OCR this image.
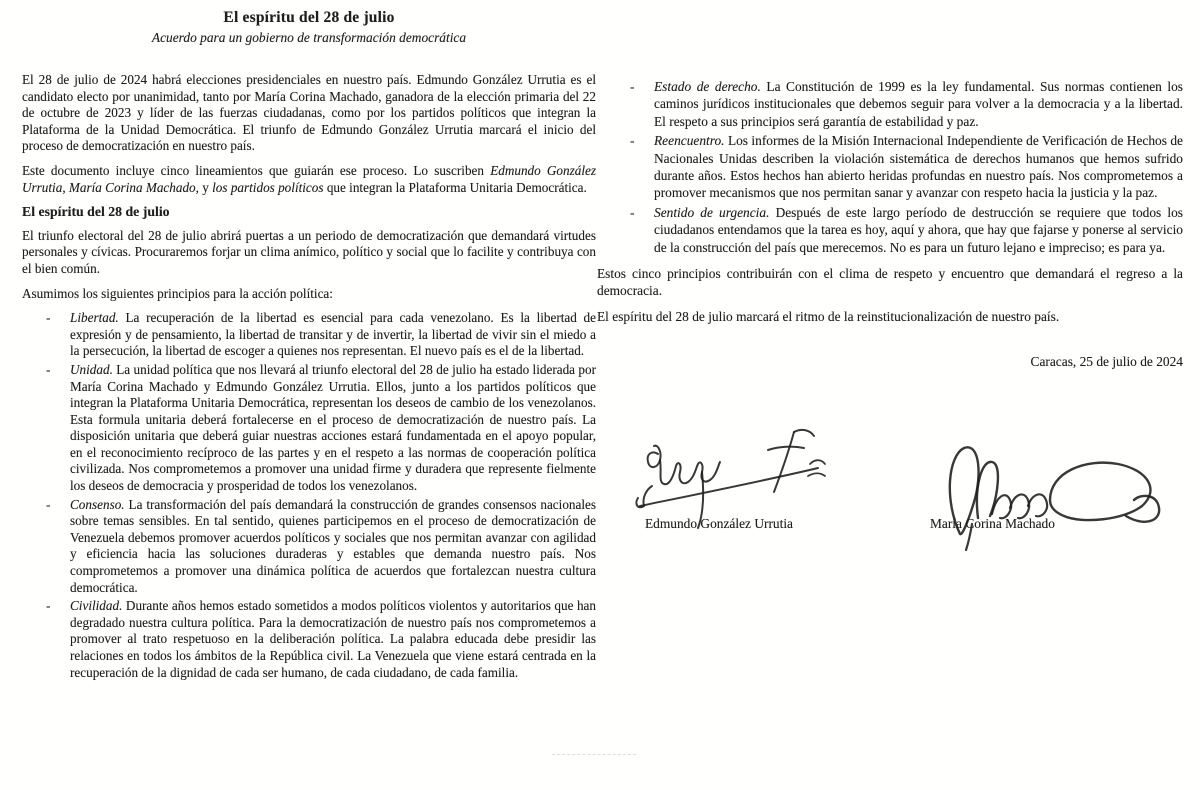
El espíritu del 28 de julio
Acuerdo para un gobierno de transformación democrática

El 28 de julio de 2024 habrá elecciones presidenciales en nuestro país. Edmundo González Urrutia es el candidato electo por unanimidad, tanto por María Corina Machado, ganadora de la elección primaria del 22 de octubre de 2023 y líder de las fuerzas ciudadanas, como por los partidos políticos que integran la Plataforma de la Unidad Democrática. El triunfo de Edmundo González Urrutia marcará el inicio del proceso de democratización en nuestro país.

Este documento incluye cinco lineamientos que guiarán ese proceso. Lo suscriben Edmundo González Urrutia, María Corina Machado, y los partidos políticos que integran la Plataforma Unitaria Democrática.

El espíritu del 28 de julio

El triunfo electoral del 28 de julio abrirá puertas a un periodo de democratización que demandará virtudes personales y cívicas. Procuraremos forjar un clima anímico, político y social que lo facilite y contribuya con el bien común.

Asumimos los siguientes principios para la acción política:

- Libertad. La recuperación de la libertad es esencial para cada venezolano. Es la libertad de expresión y de pensamiento, la libertad de transitar y de invertir, la libertad de vivir sin el miedo a la persecución, la libertad de escoger a quienes nos representan. El nuevo país es el de la libertad.
- Unidad. La unidad política que nos llevará al triunfo electoral del 28 de julio ha estado liderada por María Corina Machado y Edmundo González Urrutia. Ellos, junto a los partidos políticos que integran la Plataforma Unitaria Democrática, representan los deseos de cambio de los venezolanos. Esta formula unitaria deberá fortalecerse en el proceso de democratización de nuestro país. La disposición unitaria que deberá guiar nuestras acciones estará fundamentada en el apoyo popular, en el reconocimiento recíproco de las partes y en el respeto a las normas de cooperación política civilizada. Nos comprometemos a promover una unidad firme y duradera que represente fielmente los deseos de democracia y prosperidad de todos los venezolanos.
- Consenso. La transformación del país demandará la construcción de grandes consensos nacionales sobre temas sensibles. En tal sentido, quienes participemos en el proceso de democratización de Venezuela debemos promover acuerdos políticos y sociales que nos permitan avanzar con agilidad y eficiencia hacia las soluciones duraderas y estables que demanda nuestro país. Nos comprometemos a promover una dinámica política de acuerdos que fortalezcan nuestra cultura democrática.
- Civilidad. Durante años hemos estado sometidos a modos políticos violentos y autoritarios que han degradado nuestra cultura política. Para la democratización de nuestro país nos comprometemos a promover al trato respetuoso en la deliberación política. La palabra educada debe presidir las relaciones en todos los ámbitos de la República civil. La Venezuela que viene estará centrada en la recuperación de la dignidad de cada ser humano, de cada ciudadano, de cada familia.
- Estado de derecho. La Constitución de 1999 es la ley fundamental. Sus normas contienen los caminos jurídicos institucionales que debemos seguir para volver a la democracia y a la libertad. El respeto a sus principios será garantía de estabilidad y paz.
- Reencuentro. Los informes de la Misión Internacional Independiente de Verificación de Hechos de Nacionales Unidas describen la violación sistemática de derechos humanos que hemos sufrido durante años. Estos hechos han abierto heridas profundas en nuestro país. Nos comprometemos a promover mecanismos que nos permitan sanar y avanzar con respeto hacia la justicia y la paz.
- Sentido de urgencia. Después de este largo período de destrucción se requiere que todos los ciudadanos entendamos que la tarea es hoy, aquí y ahora, que hay que fajarse y ponerse al servicio de la construcción del país que merecemos. No es para un futuro lejano e impreciso; es para ya.

Estos cinco principios contribuirán con el clima de respeto y encuentro que demandará el regreso a la democracia.

El espíritu del 28 de julio marcará el ritmo de la reinstitucionalización de nuestro país.

Caracas, 25 de julio de 2024

Edmundo González Urrutia	María Corina Machado
